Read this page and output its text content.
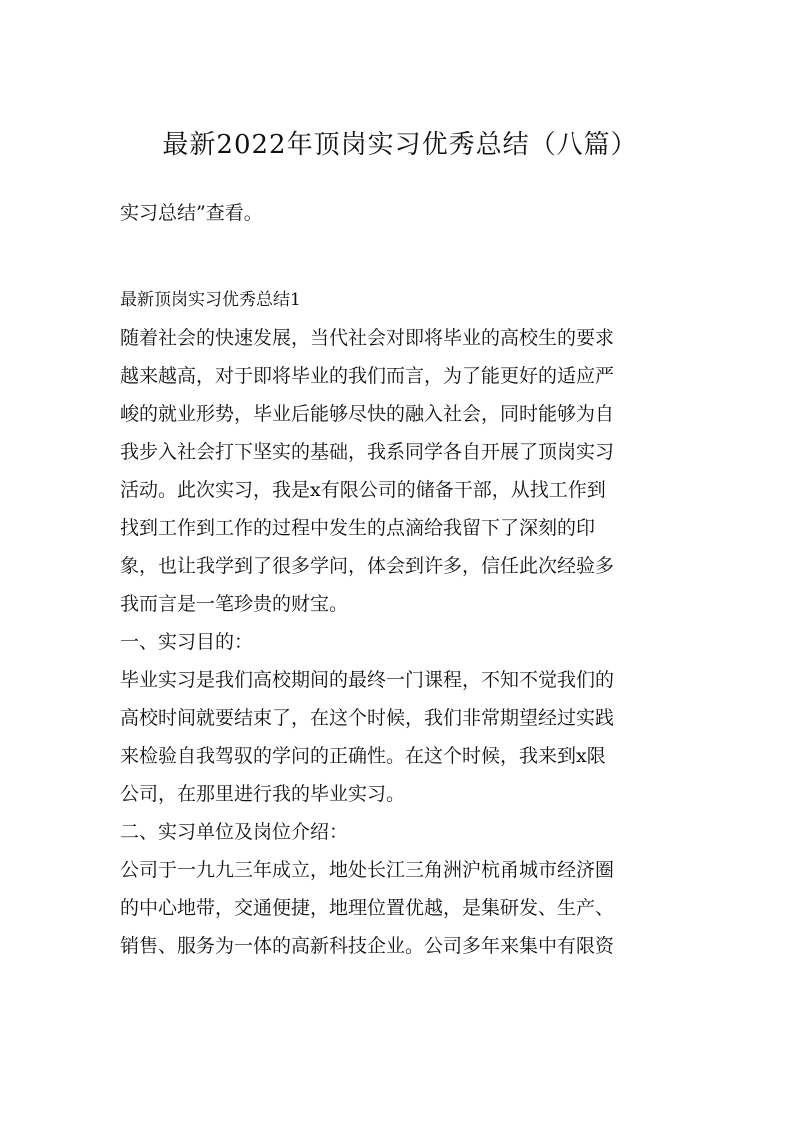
最新2022年顶岗实习优秀总结（八篇）
实习总结”查看。
最新顶岗实习优秀总结1
随着社会的快速发展，当代社会对即将毕业的高校生的要求
越来越高，对于即将毕业的我们而言，为了能更好的适应严
峻的就业形势，毕业后能够尽快的融入社会，同时能够为自
我步入社会打下坚实的基础，我系同学各自开展了顶岗实习
活动。此次实习，我是x有限公司的储备干部，从找工作到
找到工作到工作的过程中发生的点滴给我留下了深刻的印
象，也让我学到了很多学问，体会到许多，信任此次经验多
我而言是一笔珍贵的财宝。
一、实习目的：
毕业实习是我们高校期间的最终一门课程，不知不觉我们的
高校时间就要结束了，在这个时候，我们非常期望经过实践
来检验自我驾驭的学问的正确性。在这个时候，我来到x限
公司，在那里进行我的毕业实习。
二、实习单位及岗位介绍：
公司于一九九三年成立，地处长江三角洲沪杭甬城市经济圈
的中心地带，交通便捷，地理位置优越，是集研发、生产、
销售、服务为一体的高新科技企业。公司多年来集中有限资
